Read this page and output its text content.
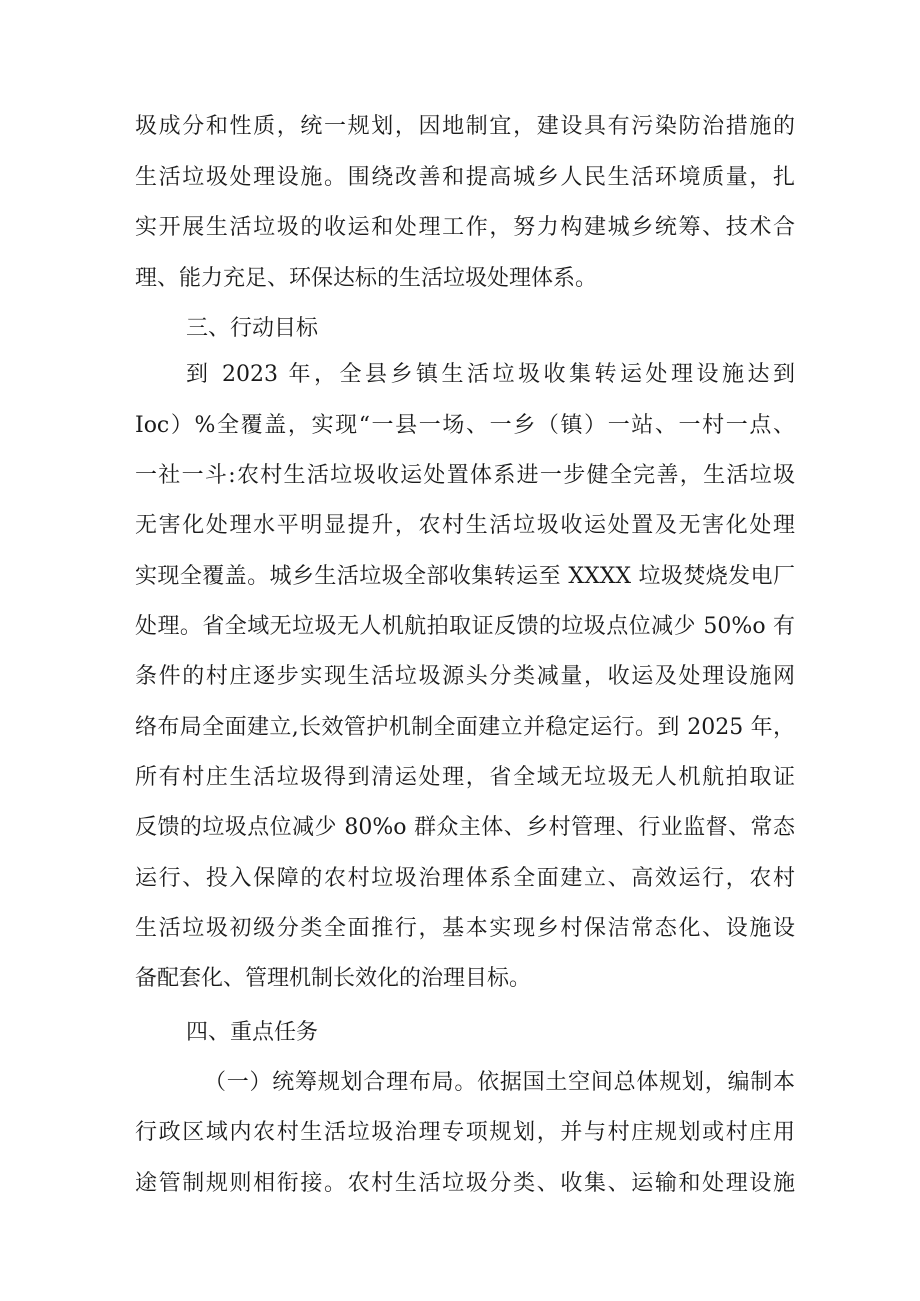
圾成分和性质，统一规划，因地制宜，建设具有污染防治措施的
生活垃圾处理设施。围绕改善和提高城乡人民生活环境质量，扎
实开展生活垃圾的收运和处理工作，努力构建城乡统筹、技术合
理、能力充足、环保达标的生活垃圾处理体系。
三、行动目标
到 2023 年，全县乡镇生活垃圾收集转运处理设施达到
Ioc）%全覆盖，实现“一县一场、一乡（镇）一站、一村一点、
一社一斗:农村生活垃圾收运处置体系进一步健全完善，生活垃圾
无害化处理水平明显提升，农村生活垃圾收运处置及无害化处理
实现全覆盖。城乡生活垃圾全部收集转运至 XXXX 垃圾焚烧发电厂
处理。省全域无垃圾无人机航拍取证反馈的垃圾点位减少 50%o 有
条件的村庄逐步实现生活垃圾源头分类减量，收运及处理设施网
络布局全面建立,长效管护机制全面建立并稳定运行。到 2025 年，
所有村庄生活垃圾得到清运处理，省全域无垃圾无人机航拍取证
反馈的垃圾点位减少 80%o 群众主体、乡村管理、行业监督、常态
运行、投入保障的农村垃圾治理体系全面建立、高效运行，农村
生活垃圾初级分类全面推行，基本实现乡村保洁常态化、设施设
备配套化、管理机制长效化的治理目标。
四、重点任务
（一）统筹规划合理布局。依据国土空间总体规划，编制本
行政区域内农村生活垃圾治理专项规划，并与村庄规划或村庄用
途管制规则相衔接。农村生活垃圾分类、收集、运输和处理设施
